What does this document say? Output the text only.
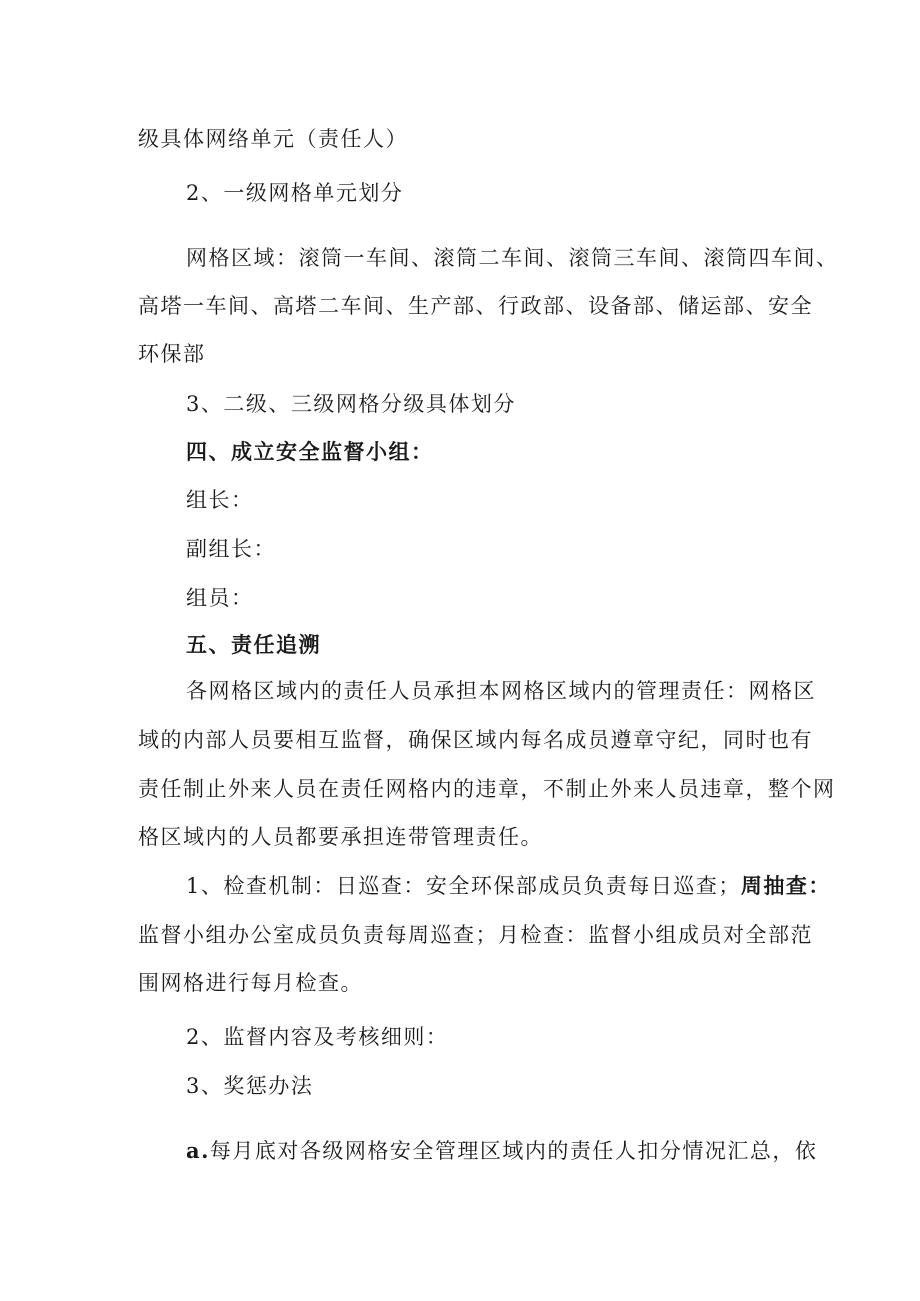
级具体网络单元（责任人）
2、一级网格单元划分
网格区域：滚筒一车间、滚筒二车间、滚筒三车间、滚筒四车间、
高塔一车间、高塔二车间、生产部、行政部、设备部、储运部、安全
环保部
3、二级、三级网格分级具体划分
四、成立安全监督小组：
组长：
副组长：
组员：
五、责任追溯
各网格区域内的责任人员承担本网格区域内的管理责任：网格区
域的内部人员要相互监督，确保区域内每名成员遵章守纪，同时也有
责任制止外来人员在责任网格内的违章，不制止外来人员违章，整个网
格区域内的人员都要承担连带管理责任。
1、检查机制：日巡查：安全环保部成员负责每日巡查；周抽查：
监督小组办公室成员负责每周巡查；月检查：监督小组成员对全部范
围网格进行每月检查。
2、监督内容及考核细则：
3、奖惩办法
a.每月底对各级网格安全管理区域内的责任人扣分情况汇总，依
